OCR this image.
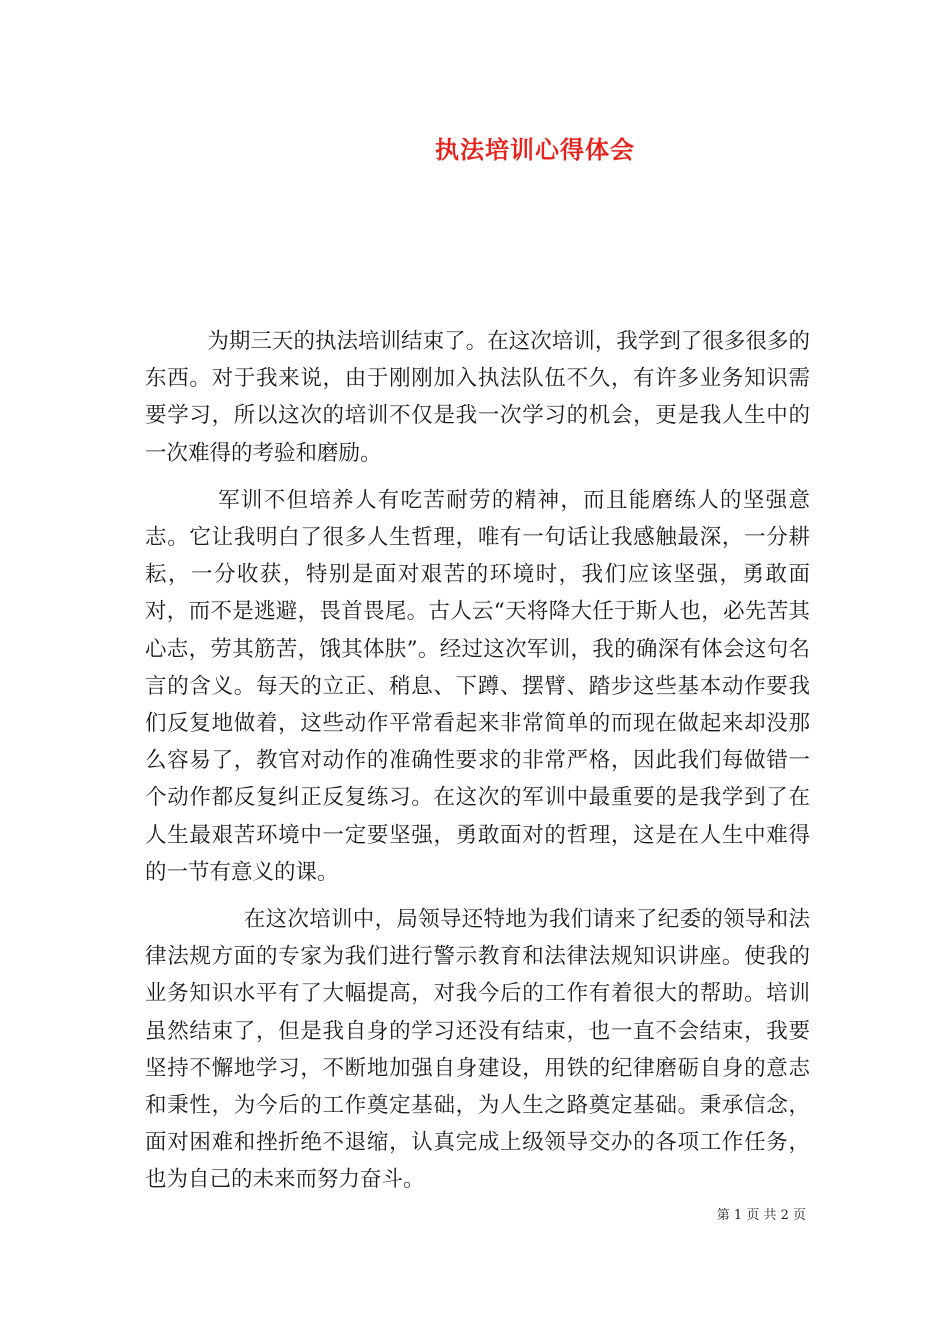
执法培训心得体会

为期三天的执法培训结束了。在这次培训，我学到了很多很多的东西。对于我来说，由于刚刚加入执法队伍不久，有许多业务知识需要学习，所以这次的培训不仅是我一次学习的机会，更是我人生中的一次难得的考验和磨励。

军训不但培养人有吃苦耐劳的精神，而且能磨练人的坚强意志。它让我明白了很多人生哲理，唯有一句话让我感触最深，一分耕耘，一分收获，特别是面对艰苦的环境时，我们应该坚强，勇敢面对，而不是逃避，畏首畏尾。古人云“天将降大任于斯人也，必先苦其心志，劳其筋苦，饿其体肤”。经过这次军训，我的确深有体会这句名言的含义。每天的立正、稍息、下蹲、摆臂、踏步这些基本动作要我们反复地做着，这些动作平常看起来非常简单的而现在做起来却没那么容易了，教官对动作的准确性要求的非常严格，因此我们每做错一个动作都反复纠正反复练习。在这次的军训中最重要的是我学到了在人生最艰苦环境中一定要坚强，勇敢面对的哲理，这是在人生中难得的一节有意义的课。

在这次培训中，局领导还特地为我们请来了纪委的领导和法律法规方面的专家为我们进行警示教育和法律法规知识讲座。使我的业务知识水平有了大幅提高，对我今后的工作有着很大的帮助。培训虽然结束了，但是我自身的学习还没有结束，也一直不会结束，我要坚持不懈地学习，不断地加强自身建设，用铁的纪律磨砺自身的意志和秉性，为今后的工作奠定基础，为人生之路奠定基础。秉承信念，面对困难和挫折绝不退缩，认真完成上级领导交办的各项工作任务，也为自己的未来而努力奋斗。

第 1 页 共 2 页
